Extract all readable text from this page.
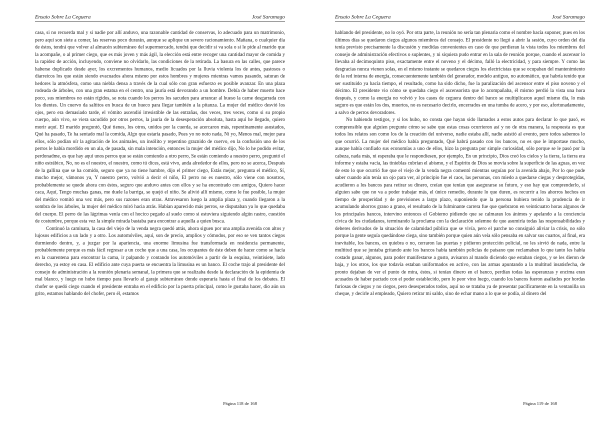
Ensaio Sobre La Ceguera	José Saramago

casa, si no recuerda mal y si nadie por allí anduvo, una razonable cantidad de conservas, lo adecuado para un matrimonio, pero aquí son siete a comer, las reservas poco durarán, aunque se aplique un severo racionamiento. Mañana, o cualquier día de éstos, tendrá que volver al almacén subterráneo del supermercado, tendrá que decidir si va sola o si le pide al marido que la acompañe, o al primer ciego, que es más joven y más ágil, la elección está entre recoger una cantidad mayor de comida y la rapidez de acción, incluyendo, conviene no olvidarlo, las condiciones de la retirada. La basura en las calles, que parece haberse duplicado desde ayer, los excrementos humanos, medio licuados por la lluvia violenta los de antes, pastosos o diarreicos los que están siendo evacuados ahora mismo por estos hombres y mujeres mientras vamos pasando, saturan de hedores la atmósfera, como una niebla densa a través de la cual sólo con gran esfuerzo es posible avanzar. En una plaza rodeada de árboles, con una gran estatua en el centro, una jauría está devorando a un hombre. Debía de haber muerto hace poco, sus miembros no están rígidos, se nota cuando los perros los sacuden para arrancar al hueso la carne desgarrada con los dientes. Un cuervo da saltitos en busca de un hueco para llegar también a la pitanza. La mujer del médico desvió los ojos, pero era demasiado tarde, el vómito ascendió irresistible de las entrañas, dos veces, tres veces, como si su propio cuerpo, aún vivo, se viera sacudido por otros perros, la jauría de la desesperación absoluta, hasta aquí he llegado, quiero morir aquí. El marido preguntó, Qué tienes, los otros, unidos por la cuerda, se acercaron más, repentinamente asustados, Qué ha pasado, Te ha sentado mal la comida, Algo que estaría pasado, Pues yo no noto nada, Ni yo, Menos mal, mejor para ellos, sólo podían oír la agitación de los animales, un insólito y repentino graznido de cuervo, en la confusión uno de los perros le había mordido en un ala, de pasada, sin mala intención, entonces la mujer del médico dijo, No lo he podido evitar, perdonadme, es que hay aquí unos perros que se están comiendo a otro perro, Se están comiendo a nuestro perro, preguntó el niño estrábico, No, no es el nuestro, el nuestro, como tú dices, está vivo, anda alrededor de ellos, pero no se acerca, Después de la gallina que se ha comido, seguro que ya no tiene hambre, dijo el primer ciego, Estás mejor, pregunta el médico, Sí, mucho mejor, vámonos ya, Y nuestro perro, volvió a decir el niño, El perro no es nuestro, sólo viene con nosotros, probablemente se quede ahora con éstos, seguro que anduvo antes con ellos y se ha encontrado con amigos, Quiero hacer caca, Aquí, Tengo muchas ganas, me duele la barriga, se quejó el niño. Se alivió allí mismo, como le fue posible, la mujer del médico vomitó una vez más, pero sus razones eran otras. Atravesaron luego la amplia plaza y, cuando llegaron a la sombra de los árboles, la mujer del médico miró hacia atrás. Habían aparecido más perros, se disputaban ya lo que quedaba del cuerpo. El perro de las lágrimas venía con el hocico pegado al suelo como si estuviera siguiendo algún rastro, cuestión de costumbre, porque esta vez la simple mirada bastaba para encontrar a aquella a quien busca.

Continuó la caminata, la casa del viejo de la venda negra quedó atrás, ahora siguen por una amplia avenida con altos y lujosos edificios a un lado y a otro. Los automóviles, aquí, son de precio, amplios y cómodos, por eso se ven tantos ciegos durmiendo dentro, y, a juzgar por la apariencia, una enorme limusina fue transformada en residencia permanente, probablemente porque es más fácil regresar a un coche que a una casa, los ocupantes de éste deben de hacer como se hacía en la cuarentena para encontrar la cama, ir palpando y contando los automóviles a partir de la esquina, veintisiete, lado derecho, ya estoy en casa. El edificio ante cuya puerta se encuentra la limusina es un banco. El coche trajo al presidente del consejo de administración a la reunión plenaria semanal, la primera que se realizaba desde la declaración de la epidemia de mal blanco, y luego no hubo tiempo para llevarlo al garaje subterráneo donde esperaría hasta el final de los debates. El chofer se quedó ciego cuando el presidente entraba en el edificio por la puerta principal, como le gustaba hacer, dio aún un grito, estamos hablando del chofer, pero él, estamos

Página 118 de 168
Ensaio Sobre La Ceguera	José Saramago

hablando del presidente, no lo oyó. Por otra parte, la reunión no sería tan plenaria como el nombre hacía suponer, pues en los últimos días se quedaron ciegos algunos miembros del consejo. El presidente no llegó a abrir la sesión, cuyo orden del día tenía previsto precisamente la discusión y medidas convenientes en caso de que perdieran la vista todos los miembros del consejo de administración efectivos o suplentes, y ni siquiera pudo entrar en la sala de reunión porque, cuando el ascensor lo llevaba al decimoquinto piso, exactamente entre el noveno y el décimo, falló la electricidad, y para siempre. Y como las desgracias nunca vienen solas, en el mismo instante se quedaron ciegos los electricistas que se ocupaban del mantenimiento de la red interna de energía, consecuentemente también del generador, modelo antiguo, no automático, que habría tenido que ser sustituido ya hacía tiempo, el resultado, como ha sido dicho, fue la paralización del ascensor entre el piso noveno y el décimo. El presidente vio cómo se quedaba ciego el ascensorista que lo acompañaba, él mismo perdió la vista una hora después, y como la energía no volvió y los casos de ceguera dentro del banco se multiplicaron aquel mismo día, lo más seguro es que están los dos, muertos, no es necesario decirlo, encerrados en una tumba de acero, y por eso, afortunadamente, a salvo de perros devoradores.

No habiendo testigos, y si los hubo, no consta que hayan sido llamados a estos autos para declarar lo que pasó, es comprensible que alguien pregunte cómo se sabe que estas cosas ocurrieron así y no de otra manera, la respuesta es que todos los relatos son como los de la creación del universo, nadie estaba allí, nadie asistió al evento, pero todos sabemos lo que ocurrió. La mujer del médico había preguntado, Qué habrá pasado con los bancos, no es que le importase mucho, aunque había confiado sus economías a uno de ellos, hizo la pregunta por simple curiosidad, sólo porque se le pasó por la cabeza, nada más, ni esperaba que le respondiesen, por ejemplo, En un principio, Dios creó los cielos y la tierra, la tierra era informe y estaba vacía, las tinieblas cubrían el abismo, y el Espíritu de Dios se movía sobre la superficie de las aguas, en vez de esto lo que ocurrió fue que el viejo de la venda negra comentó mientras seguían por la avenida abajo, Por lo que pude saber cuando aún tenía un ojo para ver, al principio fue el caos, las personas, con miedo a quedarse ciegas y desprotegidas, acudieron a los bancos para retirar su dinero, creían que tenían que asegurarse su futuro, y eso hay que comprenderlo, si alguien sabe que no va a poder trabajar más, el único remedio, durante lo que duren, es recurrir a los ahorros hechos en tiempo de prosperidad y de previsiones a largo plazo, suponiendo que la persona hubiera tenido la prudencia de ir acumulando ahorros grano a grano, el resultado de la fulminante carrera fue que quebraron en veinticuatro horas algunos de los principales bancos, intervino entonces el Gobierno pidiendo que se calmaran los ánimos y apelando a la conciencia cívica de los ciudadanos, terminando la proclama con la declaración solemne de que asumiría todas las responsabilidades y deberes derivados de la situación de calamidad pública que se vivía, pero el parche no consiguió aliviar la crisis, no sólo porque la gente seguía quedándose ciega, sino también porque quien aún veía sólo pensaba en salvar sus cuartos, al final, era inevitable, los bancos, en quiebra o no, cerraron las puertas y pidieron protección policial, no les sirvió de nada, entre la multitud que se juntaba gritando ante los bancos había también policías de paisano que reclamaban lo que tanto les había costado ganar, algunos, para poder manifestarse a gusto, avisaron al mando diciendo que estaban ciegos, y se les dieron de baja, y los otros, los que todavía estaban uniformados en activo, con las armas apuntando a la multitud insatisfecha, de pronto dejaban de ver el punto de mira, éstos, si tenían dinero en el banco, perdían todas las esperanzas y encima eran acusados de haber pactado con el poder establecido, pero lo peor vino luego, cuando los bancos fueron asaltados por hordas furiosas de ciegos y no ciegos, pero desesperados todos, aquí no se trataba ya de presentar pacíficamente en la ventanilla un cheque, y decirle al empleado, Quiero retirar mi saldo, sino de echar mano a lo que se podía, al dinero del

Página 119 de 168
